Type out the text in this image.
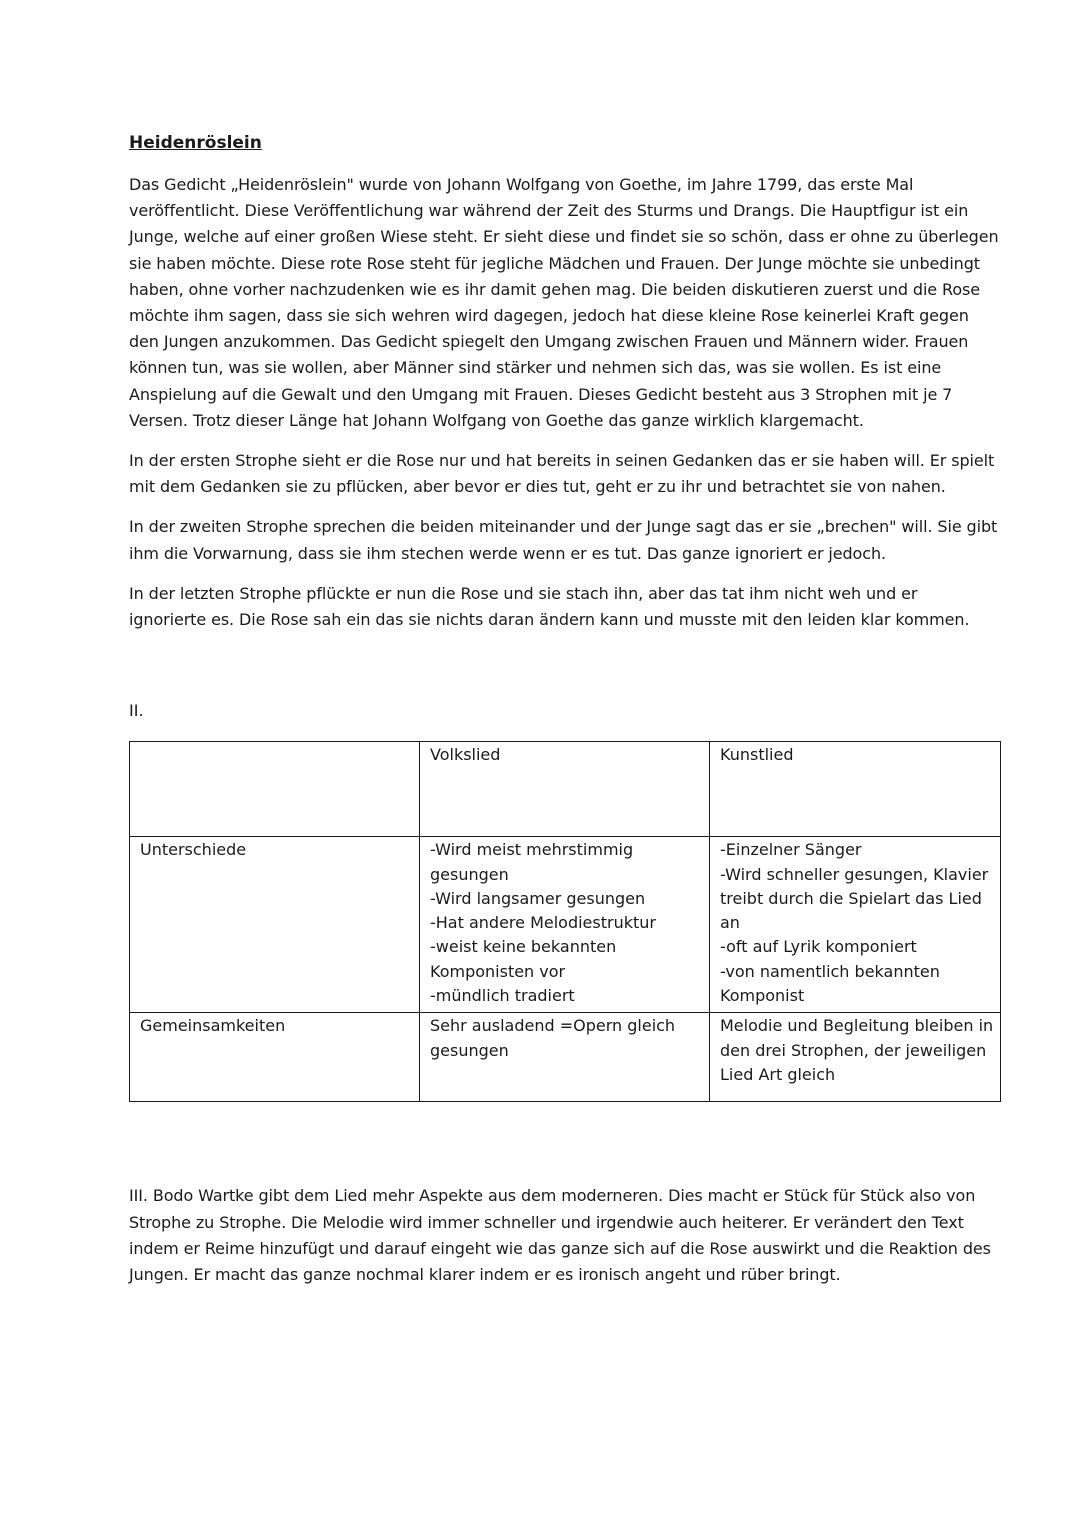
Heidenröslein

Das Gedicht „Heidenröslein" wurde von Johann Wolfgang von Goethe, im Jahre 1799, das erste Mal veröffentlicht. Diese Veröffentlichung war während der Zeit des Sturms und Drangs. Die Hauptfigur ist ein Junge, welche auf einer großen Wiese steht. Er sieht diese und findet sie so schön, dass er ohne zu überlegen sie haben möchte. Diese rote Rose steht für jegliche Mädchen und Frauen. Der Junge möchte sie unbedingt haben, ohne vorher nachzudenken wie es ihr damit gehen mag. Die beiden diskutieren zuerst und die Rose möchte ihm sagen, dass sie sich wehren wird dagegen, jedoch hat diese kleine Rose keinerlei Kraft gegen den Jungen anzukommen. Das Gedicht spiegelt den Umgang zwischen Frauen und Männern wider. Frauen können tun, was sie wollen, aber Männer sind stärker und nehmen sich das, was sie wollen. Es ist eine Anspielung auf die Gewalt und den Umgang mit Frauen. Dieses Gedicht besteht aus 3 Strophen mit je 7 Versen. Trotz dieser Länge hat Johann Wolfgang von Goethe das ganze wirklich klargemacht.

In der ersten Strophe sieht er die Rose nur und hat bereits in seinen Gedanken das er sie haben will. Er spielt mit dem Gedanken sie zu pflücken, aber bevor er dies tut, geht er zu ihr und betrachtet sie von nahen.

In der zweiten Strophe sprechen die beiden miteinander und der Junge sagt das er sie „brechen" will. Sie gibt ihm die Vorwarnung, dass sie ihm stechen werde wenn er es tut. Das ganze ignoriert er jedoch.

In der letzten Strophe pflückte er nun die Rose und sie stach ihn, aber das tat ihm nicht weh und er ignorierte es. Die Rose sah ein das sie nichts daran ändern kann und musste mit den leiden klar kommen.

II.

	Volkslied	Kunstlied
Unterschiede	-Wird meist mehrstimmig gesungen
-Wird langsamer gesungen
-Hat andere Melodiestruktur
-weist keine bekannten Komponisten vor
-mündlich tradiert	-Einzelner Sänger
-Wird schneller gesungen, Klavier treibt durch die Spielart das Lied an
-oft auf Lyrik komponiert
-von namentlich bekannten Komponist

Gemeinsamkeiten	Sehr ausladend =Opern gleich gesungen	Melodie und Begleitung bleiben in den drei Strophen, der jeweiligen Lied Art gleich

III. Bodo Wartke gibt dem Lied mehr Aspekte aus dem moderneren. Dies macht er Stück für Stück also von Strophe zu Strophe. Die Melodie wird immer schneller und irgendwie auch heiterer. Er verändert den Text indem er Reime hinzufügt und darauf eingeht wie das ganze sich auf die Rose auswirkt und die Reaktion des Jungen. Er macht das ganze nochmal klarer indem er es ironisch angeht und rüber bringt.
